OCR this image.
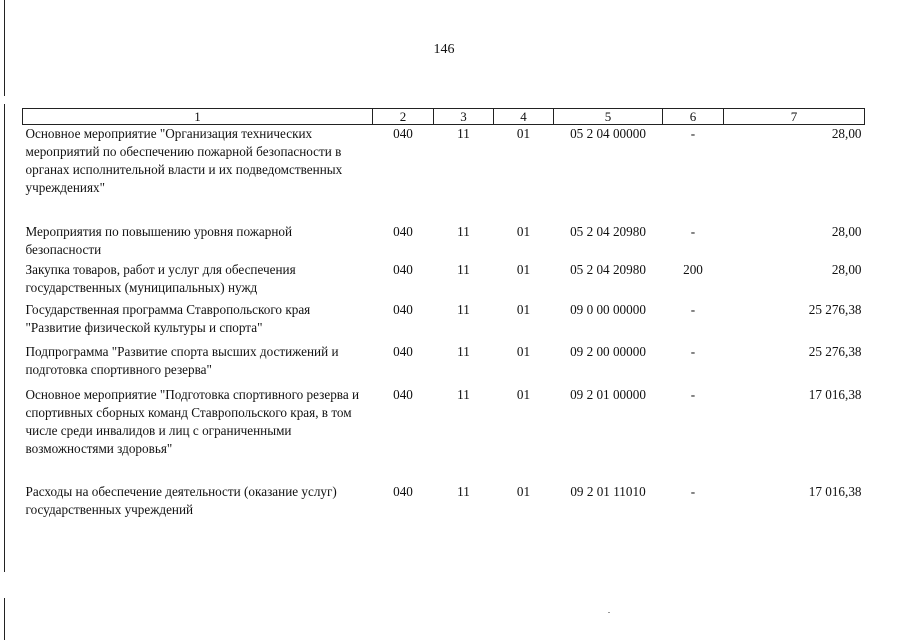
146
1	2	3	4	5	6	7
Основное мероприятие "Организация технических мероприятий по обеспечению пожарной безопасности в органах исполнительной власти и их подведомственных учреждениях"	040	11	01	05 2 04 00000	-	28,00
Мероприятия по повышению уровня пожарной безопасности	040	11	01	05 2 04 20980	-	28,00
Закупка товаров, работ и услуг для обеспечения государственных (муниципальных) нужд	040	11	01	05 2 04 20980	200	28,00
Государственная программа Ставропольского края "Развитие физической культуры и спорта"	040	11	01	09 0 00 00000	-	25 276,38
Подпрограмма "Развитие спорта высших достижений и подготовка спортивного резерва"	040	11	01	09 2 00 00000	-	25 276,38
Основное мероприятие "Подготовка спортивного резерва и спортивных сборных команд Ставропольского края, в том числе среди инвалидов и лиц с ограниченными возможностями здоровья"	040	11	01	09 2 01 00000	-	17 016,38
Расходы на обеспечение деятельности (оказание услуг) государственных учреждений	040	11	01	09 2 01 11010	-	17 016,38
